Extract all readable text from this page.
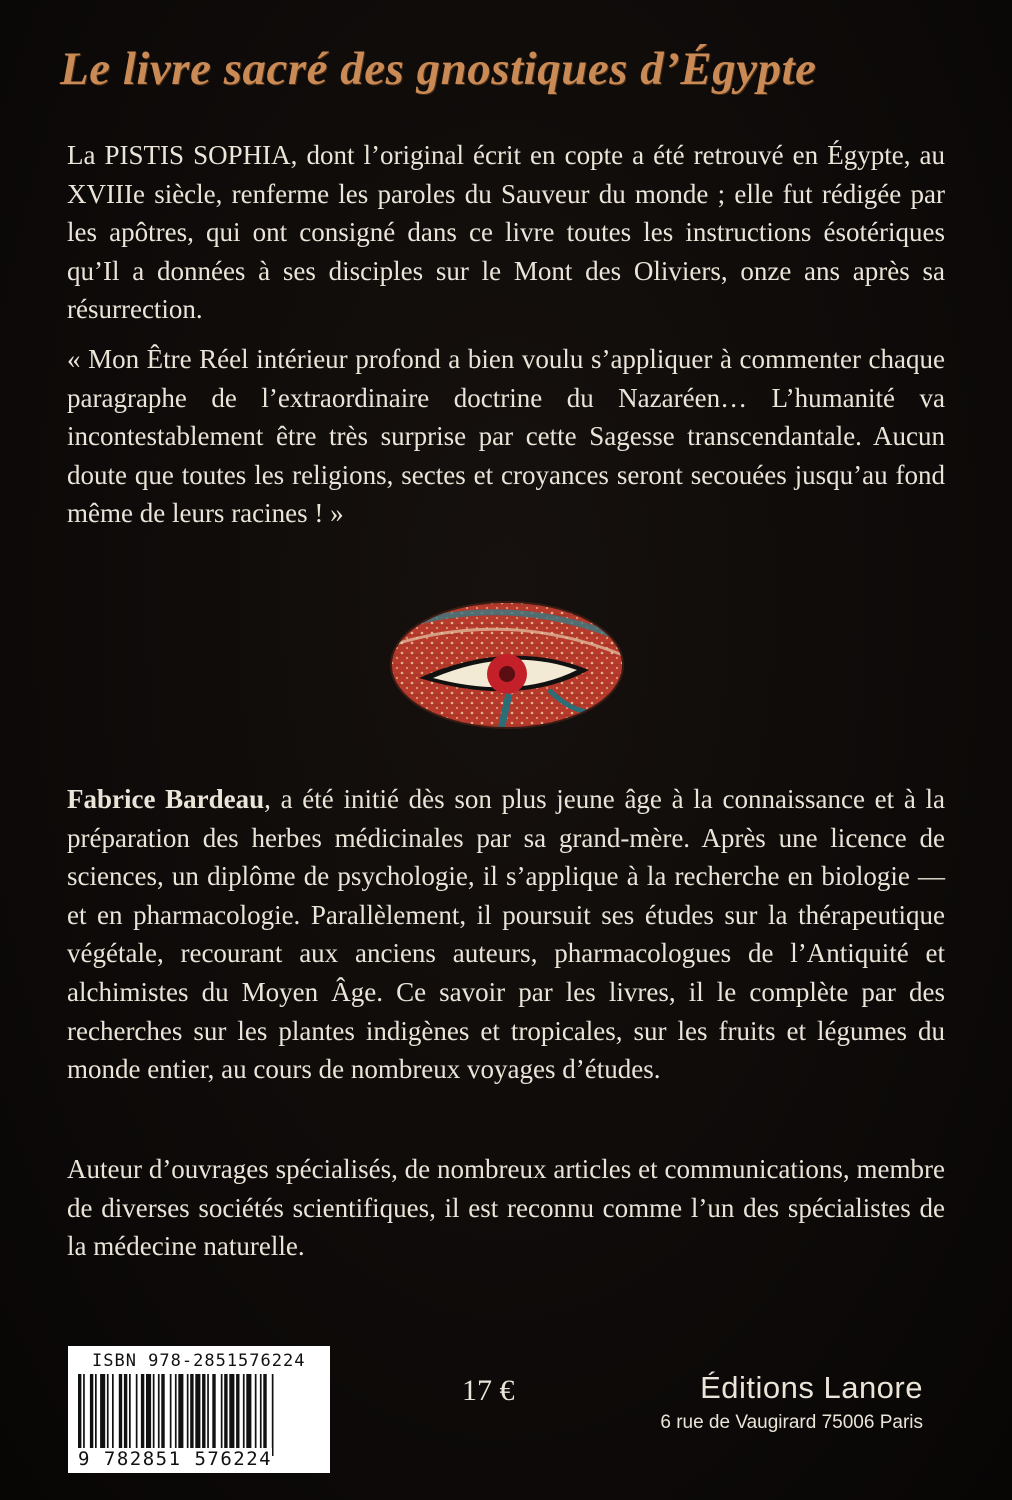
Le livre sacré des gnostiques d’Égypte

La PISTIS SOPHIA, dont l’original écrit en copte a été retrouvé en Égypte, au XVIIIe siècle, renferme les paroles du Sauveur du monde ; elle fut rédigée par les apôtres, qui ont consigné dans ce livre toutes les instructions ésotériques qu’Il a données à ses disciples sur le Mont des Oliviers, onze ans après sa résurrection.

« Mon Être Réel intérieur profond a bien voulu s’appliquer à commenter chaque paragraphe de l’extraordinaire doctrine du Nazaréen… L’humanité va incontestablement être très surprise par cette Sagesse transcendantale. Aucun doute que toutes les religions, sectes et croyances seront secouées jusqu’au fond même de leurs racines ! »

Fabrice Bardeau, a été initié dès son plus jeune âge à la connaissance et à la préparation des herbes médicinales par sa grand-mère. Après une licence de sciences, un diplôme de psychologie, il s’applique à la recherche en biologie — et en pharmacologie. Parallèlement, il poursuit ses études sur la thérapeutique végétale, recourant aux anciens auteurs, pharmacologues de l’Antiquité et alchimistes du Moyen Âge. Ce savoir par les livres, il le complète par des recherches sur les plantes indigènes et tropicales, sur les fruits et légumes du monde entier, au cours de nombreux voyages d’études.

Auteur d’ouvrages spécialisés, de nombreux articles et communications, membre de diverses sociétés scientifiques, il est reconnu comme l’un des spécialistes de la médecine naturelle.

ISBN 978-2851576224
9 782851 576224
17 €	Éditions Lanore
6 rue de Vaugirard 75006 Paris
